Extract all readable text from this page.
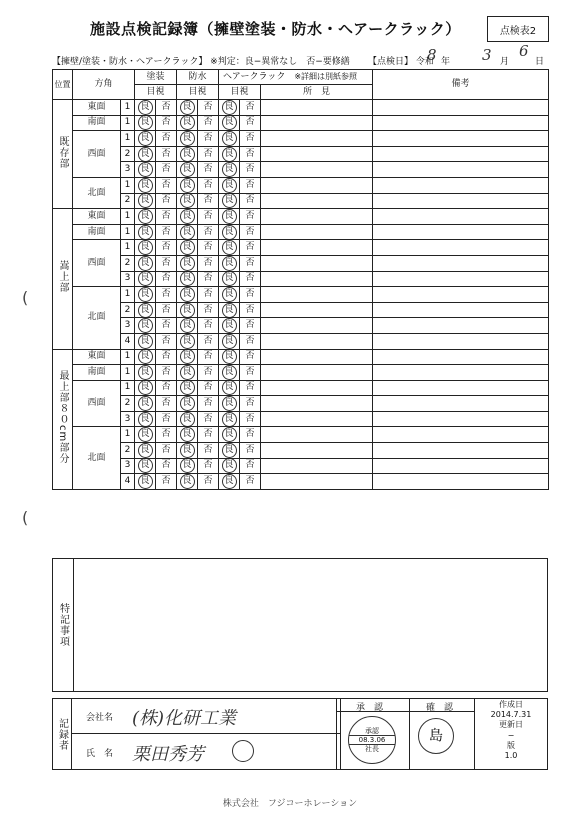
施設点検記録簿（擁壁塗装・防水・ヘアークラック）	点検表2
【擁壁/塗装・防水・ヘアークラック】 ※判定：良−異常なし　否−要修繕 【点検日】 令和
8 年 3 月
6
日
位置	方角		塗装		防水		ヘアークラック　 ※詳細は別紙参照			備考
			目視		目視		目視		所　見	
既存部	東面	1	良	否	良	否	良	否		
	南面	1	良	否	良	否	良	否		
	西面	1	良	否	良	否	良	否		
		2	良	否	良	否	良	否		
		3	良	否	良	否	良	否		
	北面	1	良	否	良	否	良	否		
		2	良	否	良	否	良	否		
嵩上部	東面	1	良	否	良	否	良	否		
	南面	1	良	否	良	否	良	否		
	西面	1	良	否	良	否	良	否		
		2	良	否	良	否	良	否		
		3	良	否	良	否	良	否		
	北面	1	良	否	良	否	良	否		
		2	良	否	良	否	良	否		
		3	良	否	良	否	良	否		
		4	良	否	良	否	良	否		
最上部８０cm部分	東面	1	良	否	良	否	良	否		
	南面	1	良	否	良	否	良	否		
	西面	1	良	否	良	否	良	否		
		2	良	否	良	否	良	否		
		3	良	否	良	否	良	否		
	北面	1	良	否	良	否	良	否		
		2	良	否	良	否	良	否		
		3	良	否	良	否	良	否		
		4	良	否	良	否	良	否		
特記事項
記録者 会社名
氏　名
(株)化研工業
栗田秀芳
承　認	確　認
承認
08.3.06
社長
島
作成日
2014.7.31
更新日
−
版
1.0
(
(
株式会社　フジコーホレーション
